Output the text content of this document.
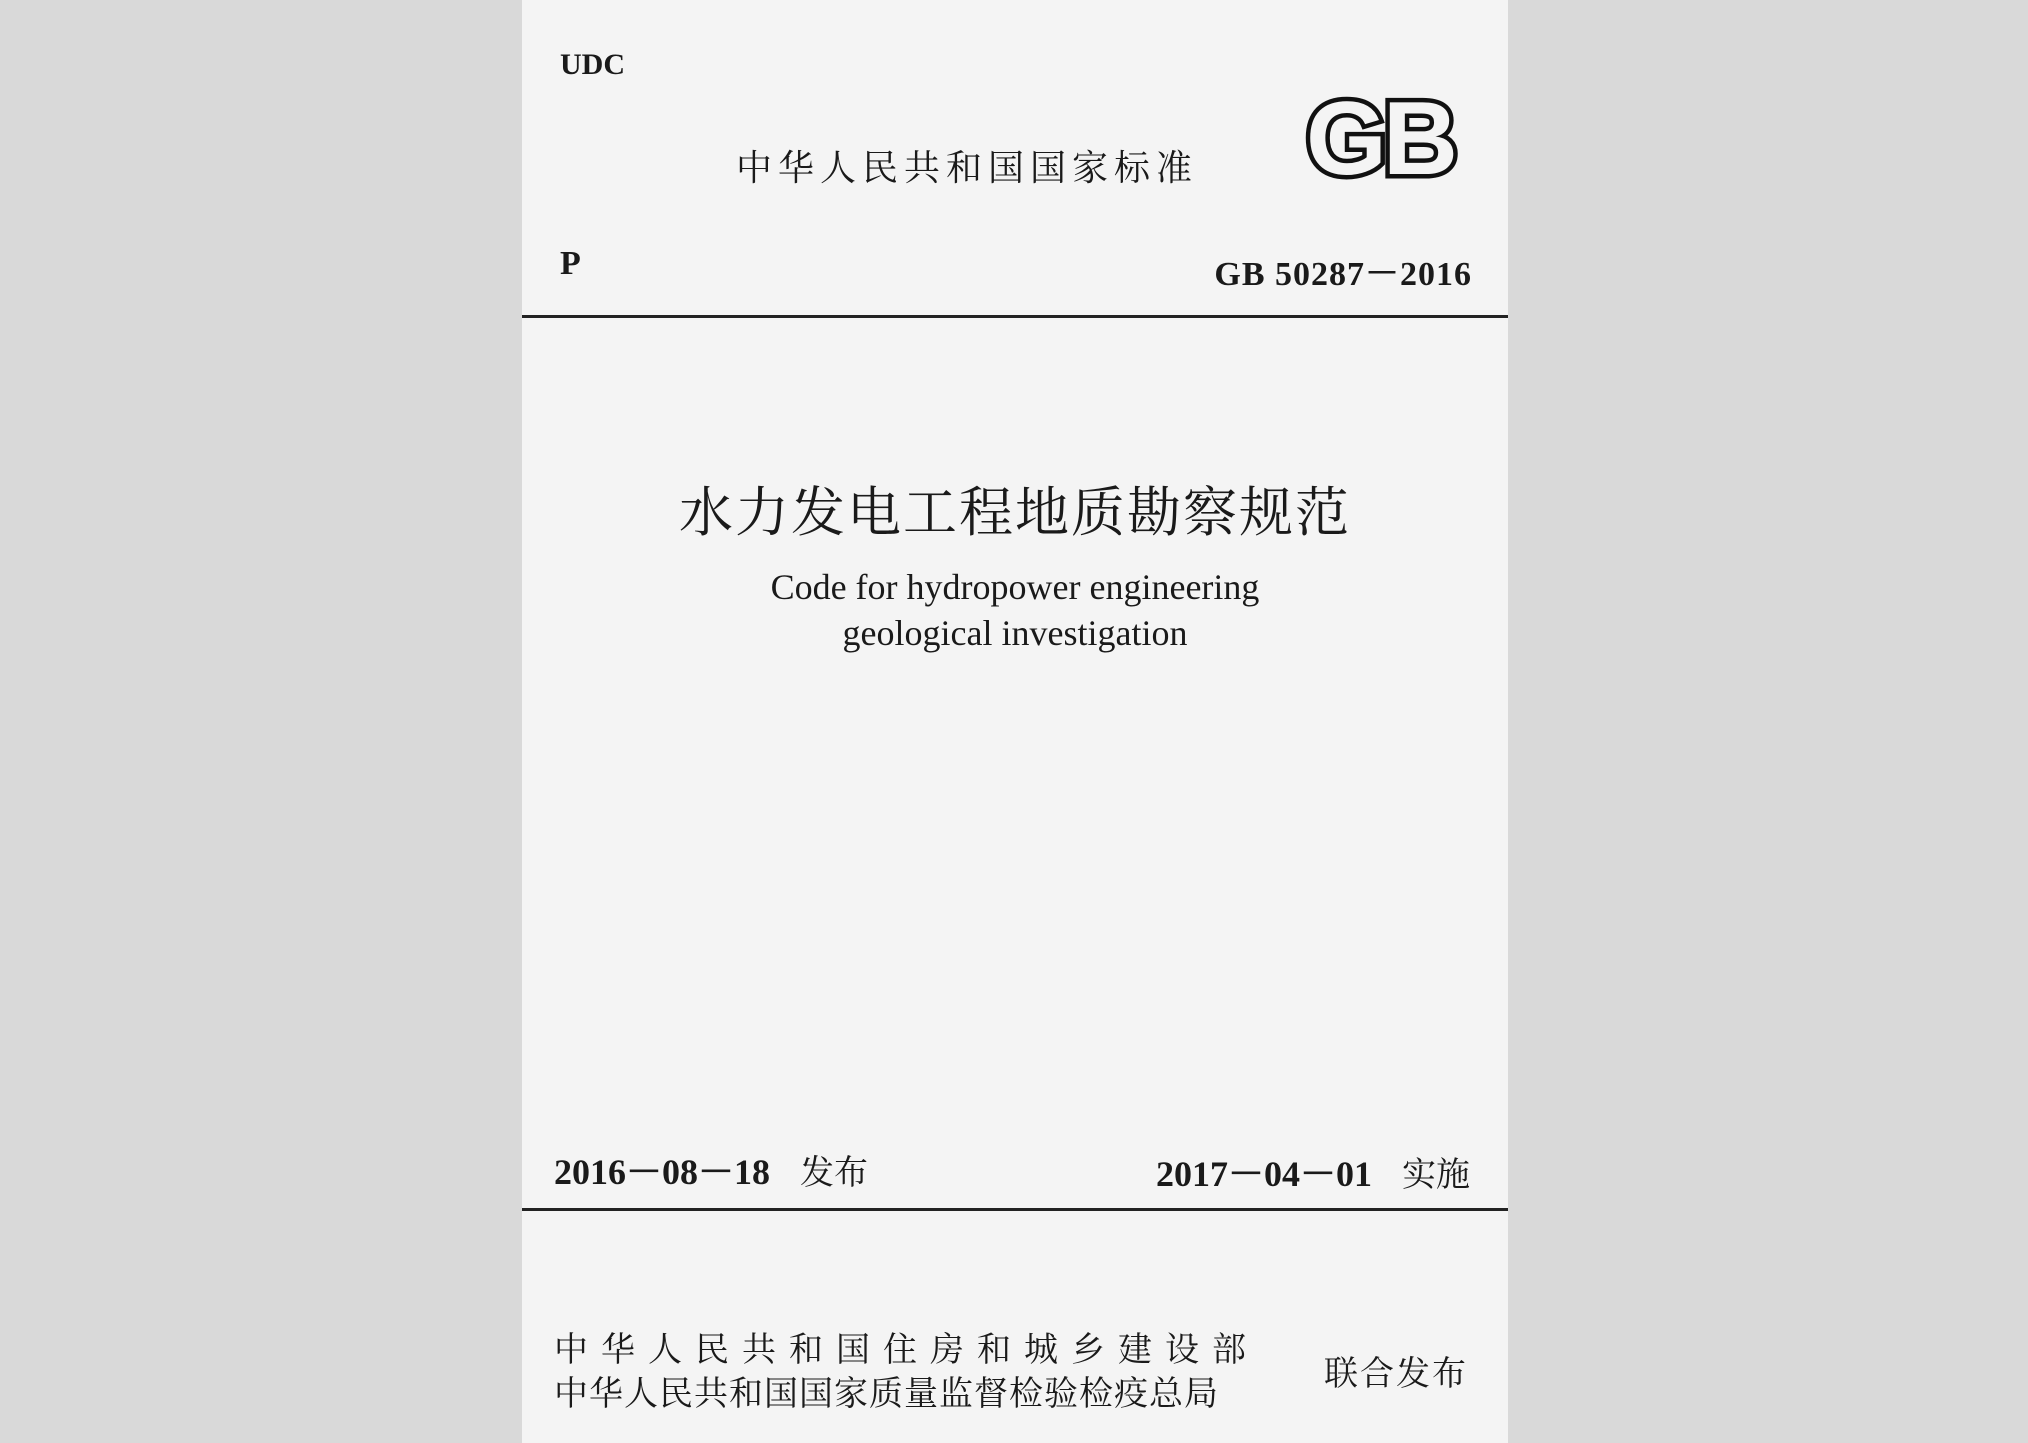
UDC
中华人民共和国国家标准 GB
P	GB 50287－2016
水力发电工程地质勘察规范
Code for hydropower engineering
geological investigation
2016－08－18 发布	2017－04－01 实施
中华人民共和国住房和城乡建设部
中华人民共和国国家质量监督检验检疫总局	联合发布
